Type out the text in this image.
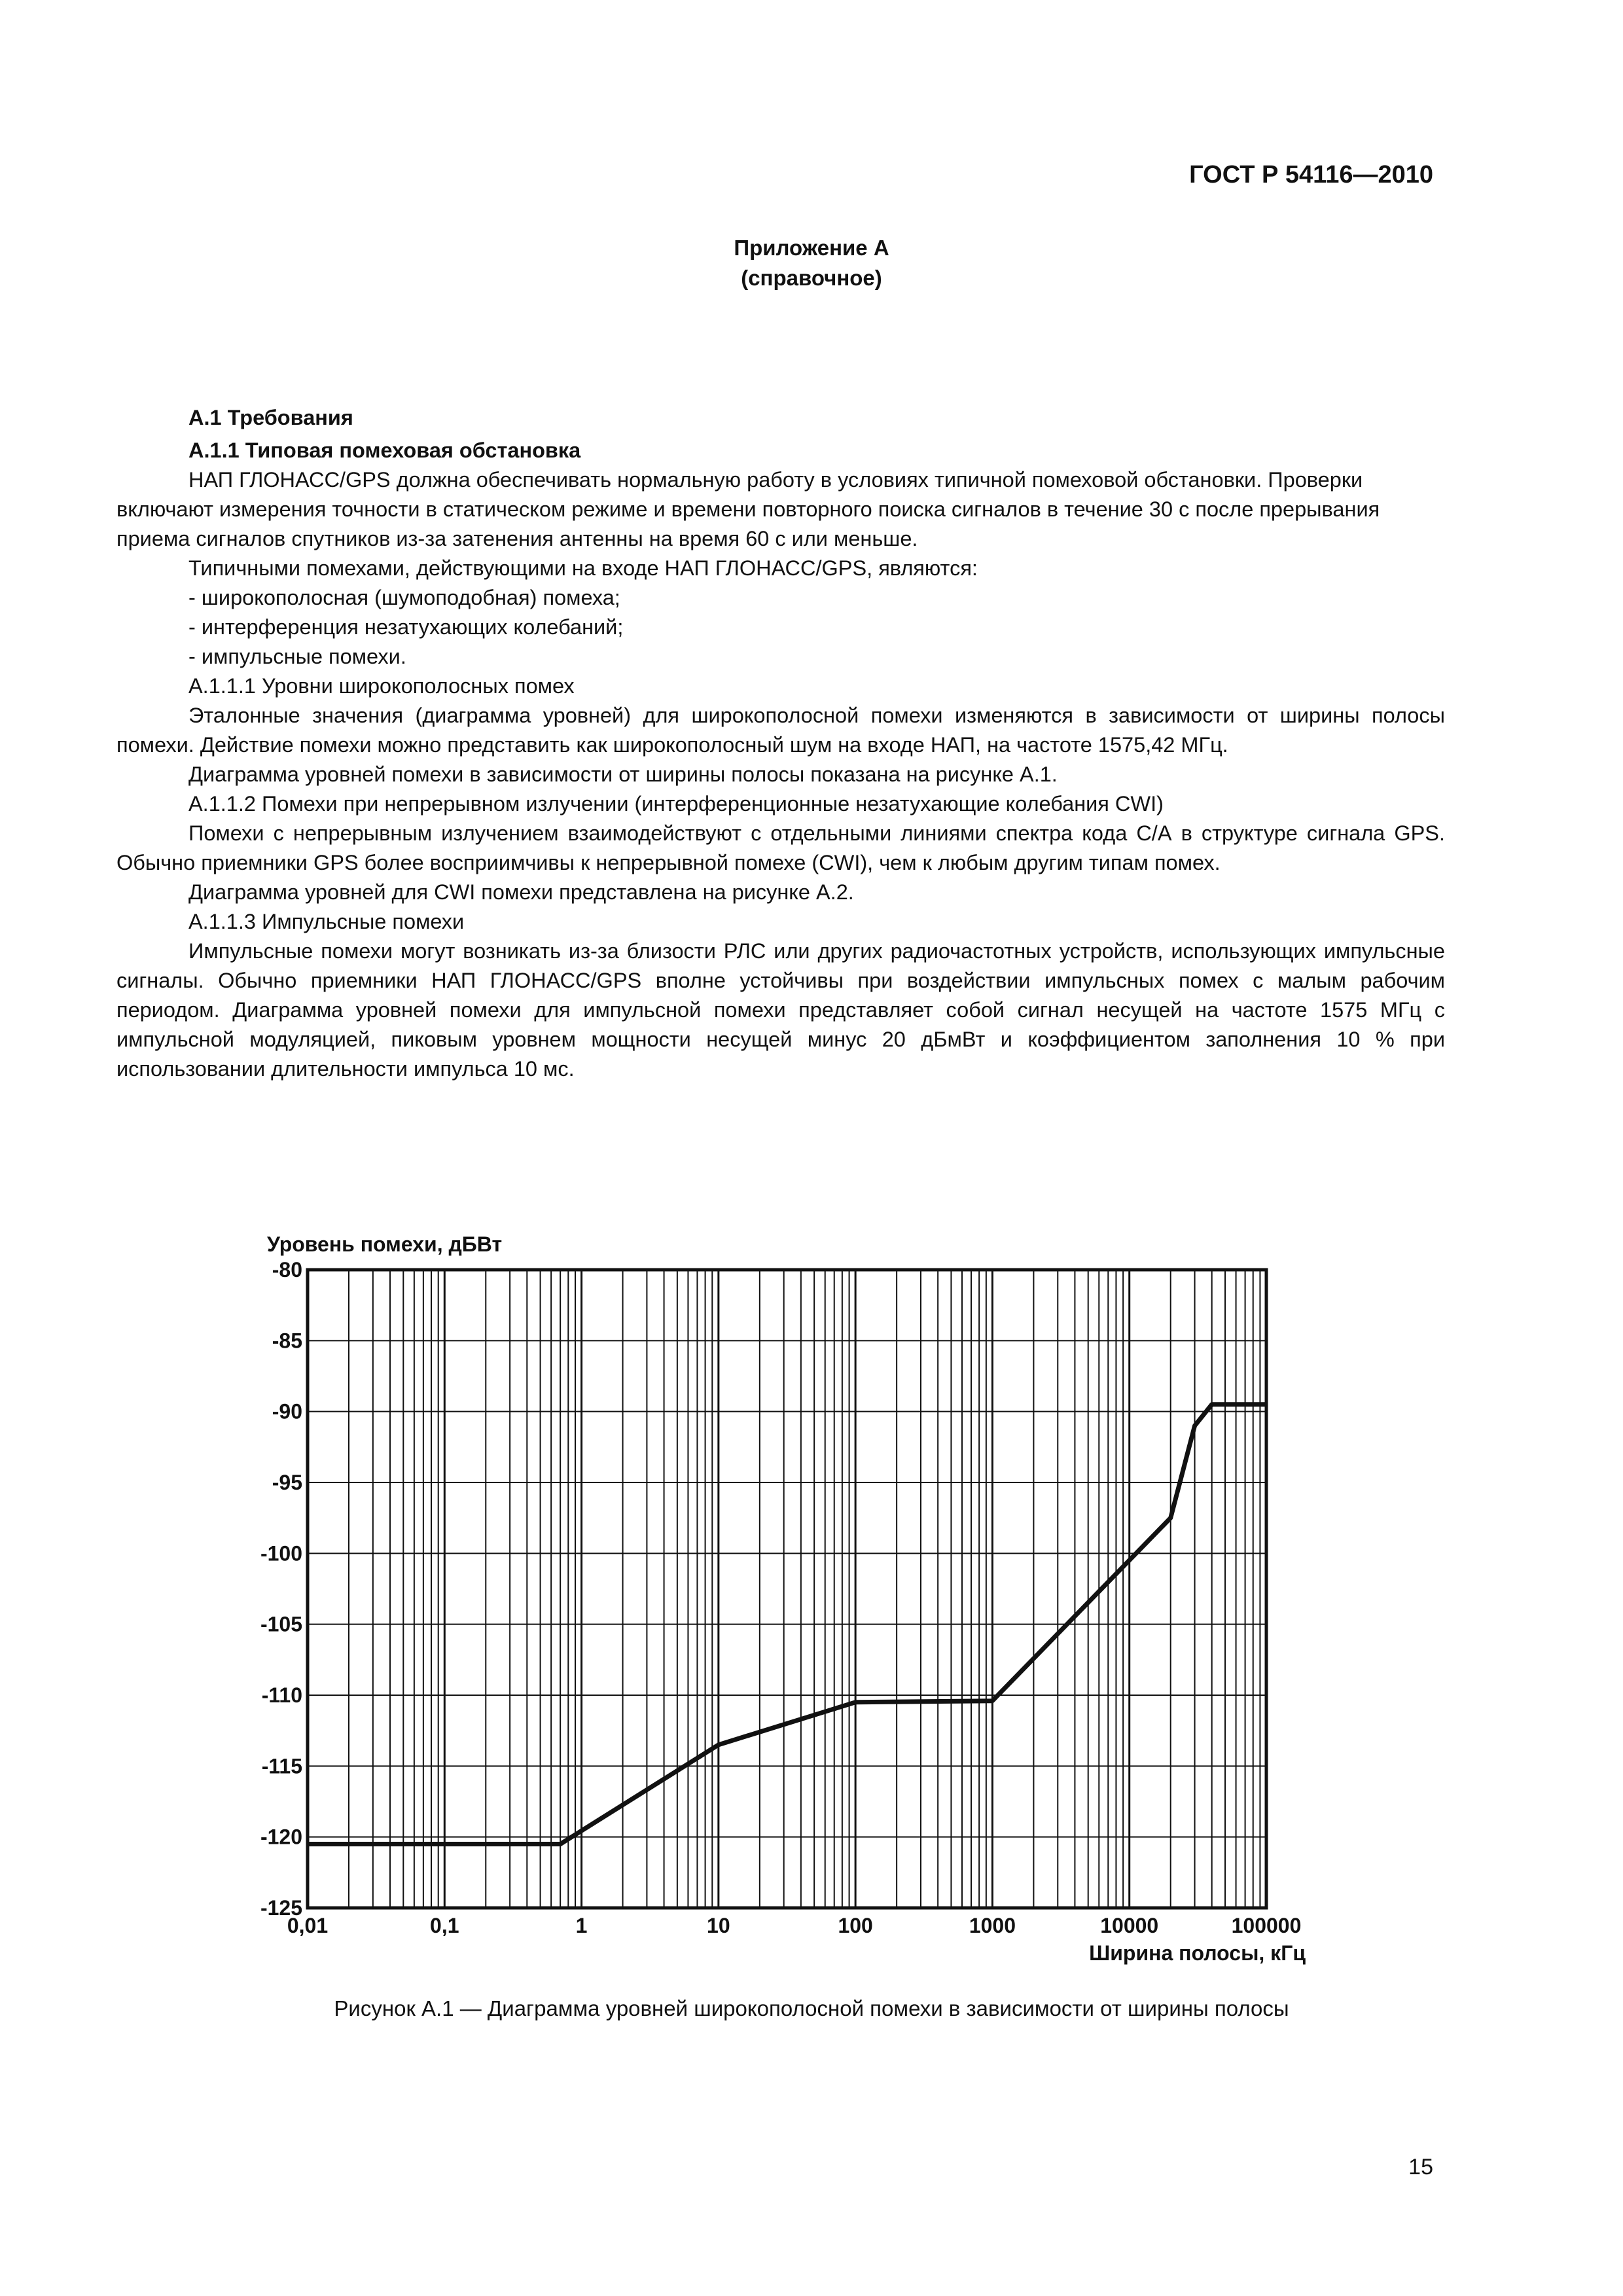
ГОСТ Р 54116—2010
Приложение А
(справочное)

А.1 Требования

А.1.1 Типовая помеховая обстановка

НАП ГЛОНАСС/GPS должна обеспечивать нормальную работу в условиях типичной помеховой обстановки. Проверки включают измерения точности в статическом режиме и времени повторного поиска сигналов в течение 30 с после прерывания приема сигналов спутников из-за затенения антенны на время 60 с или меньше.

Типичными помехами, действующими на входе НАП ГЛОНАСС/GPS, являются:

- широкополосная (шумоподобная) помеха;

- интерференция незатухающих колебаний;

- импульсные помехи.

А.1.1.1 Уровни широкополосных помех

Эталонные значения (диаграмма уровней) для широкополосной помехи изменяются в зависимости от ширины полосы помехи. Действие помехи можно представить как широкополосный шум на входе НАП, на частоте 1575,42 МГц.

Диаграмма уровней помехи в зависимости от ширины полосы показана на рисунке А.1.

А.1.1.2 Помехи при непрерывном излучении (интерференционные незатухающие колебания CWI)

Помехи с непрерывным излучением взаимодействуют с отдельными линиями спектра кода С/А в структуре сигнала GPS. Обычно приемники GPS более восприимчивы к непрерывной помехе (CWI), чем к любым другим типам помех.

Диаграмма уровней для CWI помехи представлена на рисунке А.2.

А.1.1.3 Импульсные помехи

Импульсные помехи могут возникать из-за близости РЛС или других радиочастотных устройств, использующих импульсные сигналы. Обычно приемники НАП ГЛОНАСС/GPS вполне устойчивы при воздействии импульсных помех с малым рабочим периодом. Диаграмма уровней помехи для импульсной помехи представляет собой сигнал несущей на частоте 1575 МГц с импульсной модуляцией, пиковым уровнем мощности несущей минус 20 дБмВт и коэффициентом заполнения 10 % при использовании длительности импульса 10 мс.

-80
-85
-90
-95
-100
-105
-110
-115
-120
-125
0,01	0,1	1	10	100	1000	10000	100000
Уровень помехи, дБВт
Ширина полосы, кГц
Рисунок А.1 — Диаграмма уровней широкополосной помехи в зависимости от ширины полосы
15
